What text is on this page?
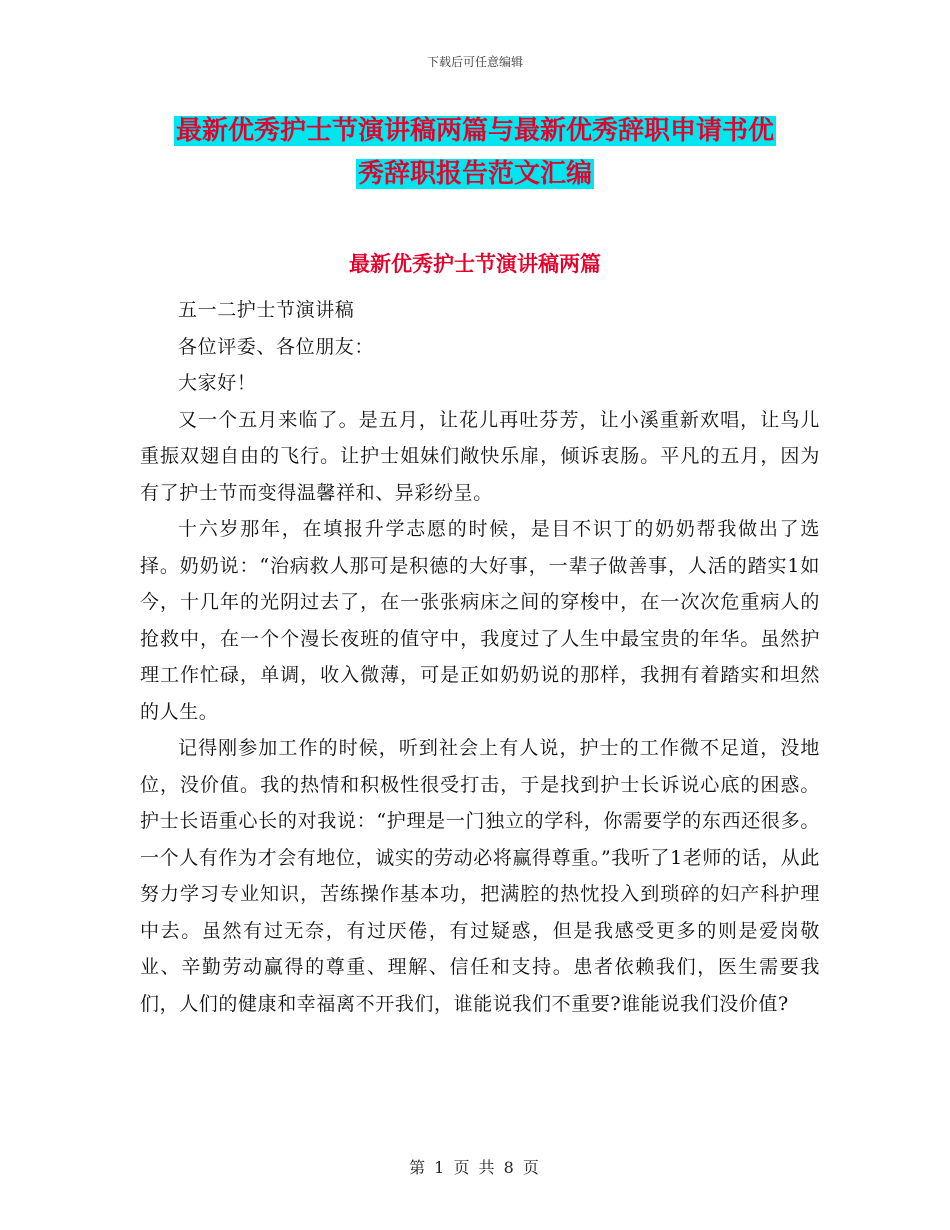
下载后可任意编辑
最新优秀护士节演讲稿两篇与最新优秀辞职申请书优
秀辞职报告范文汇编
最新优秀护士节演讲稿两篇

五一二护士节演讲稿

各位评委、各位朋友：

大家好！

又一个五月来临了。是五月，让花儿再吐芬芳，让小溪重新欢唱，让鸟儿重振双翅自由的飞行。让护士姐妹们敞快乐扉，倾诉衷肠。平凡的五月，因为有了护士节而变得温馨祥和、异彩纷呈。

十六岁那年，在填报升学志愿的时候，是目不识丁的奶奶帮我做出了选择。奶奶说：“治病救人那可是积德的大好事，一辈子做善事，人活的踏实1如今，十几年的光阴过去了，在一张张病床之间的穿梭中，在一次次危重病人的抢救中，在一个个漫长夜班的值守中，我度过了人生中最宝贵的年华。虽然护理工作忙碌，单调，收入微薄，可是正如奶奶说的那样，我拥有着踏实和坦然的人生。

记得刚参加工作的时候，听到社会上有人说，护士的工作微不足道，没地位，没价值。我的热情和积极性很受打击，于是找到护士长诉说心底的困惑。护士长语重心长的对我说：“护理是一门独立的学科，你需要学的东西还很多。一个人有作为才会有地位，诚实的劳动必将赢得尊重。”我听了1老师的话，从此努力学习专业知识，苦练操作基本功，把满腔的热忱投入到琐碎的妇产科护理中去。虽然有过无奈，有过厌倦，有过疑惑，但是我感受更多的则是爱岗敬业、辛勤劳动赢得的尊重、理解、信任和支持。患者依赖我们，医生需要我们，人们的健康和幸福离不开我们，谁能说我们不重要?谁能说我们没价值?

第 1 页 共 8 页
